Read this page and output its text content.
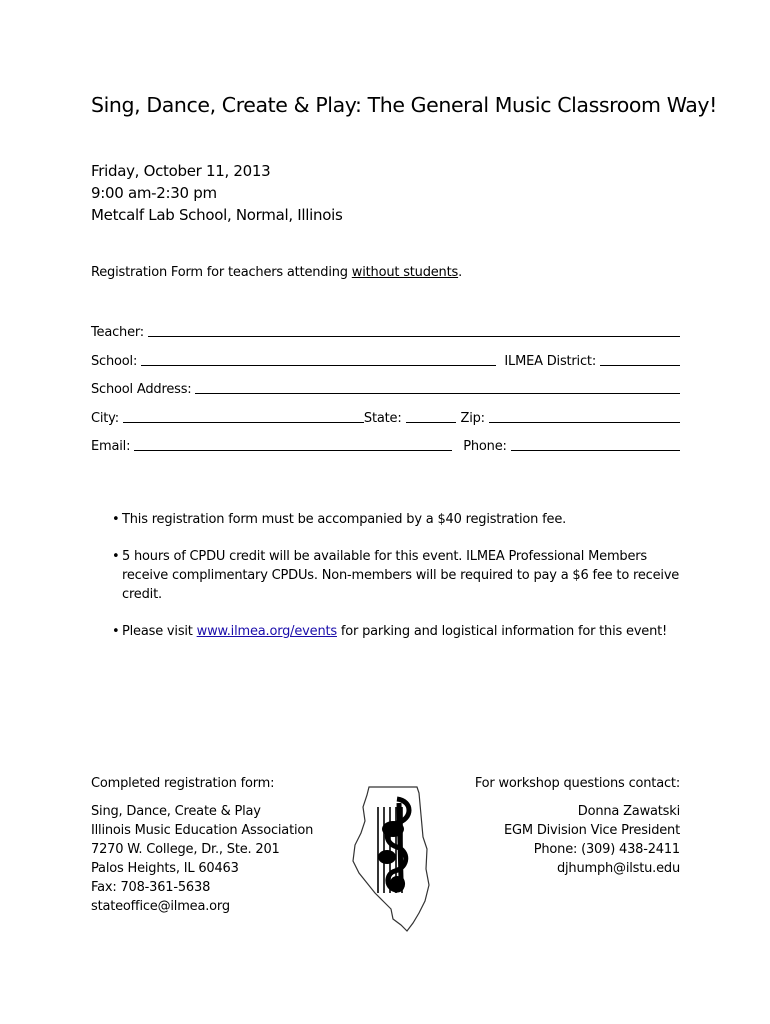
Sing, Dance, Create & Play: The General Music Classroom Way!
Friday, October 11, 2013
9:00 am-2:30 pm
Metcalf Lab School, Normal, Illinois
Registration Form for teachers attending without students.
Teacher:
School:	ILMEA District:
School Address:
City:	State:	Zip:
Email:	Phone:
• This registration form must be accompanied by a $40 registration fee.
• 5 hours of CPDU credit will be available for this event. ILMEA Professional Members
receive complimentary CPDUs. Non-members will be required to pay a $6 fee to receive
credit.
• Please visit www.ilmea.org/events for parking and logistical information for this event!
Completed registration form:
Sing, Dance, Create & Play
Illinois Music Education Association
7270 W. College, Dr., Ste. 201
Palos Heights, IL 60463
Fax: 708-361-5638
stateoffice@ilmea.org
For workshop questions contact:
Donna Zawatski
EGM Division Vice President
Phone: (309) 438-2411
djhumph@ilstu.edu
